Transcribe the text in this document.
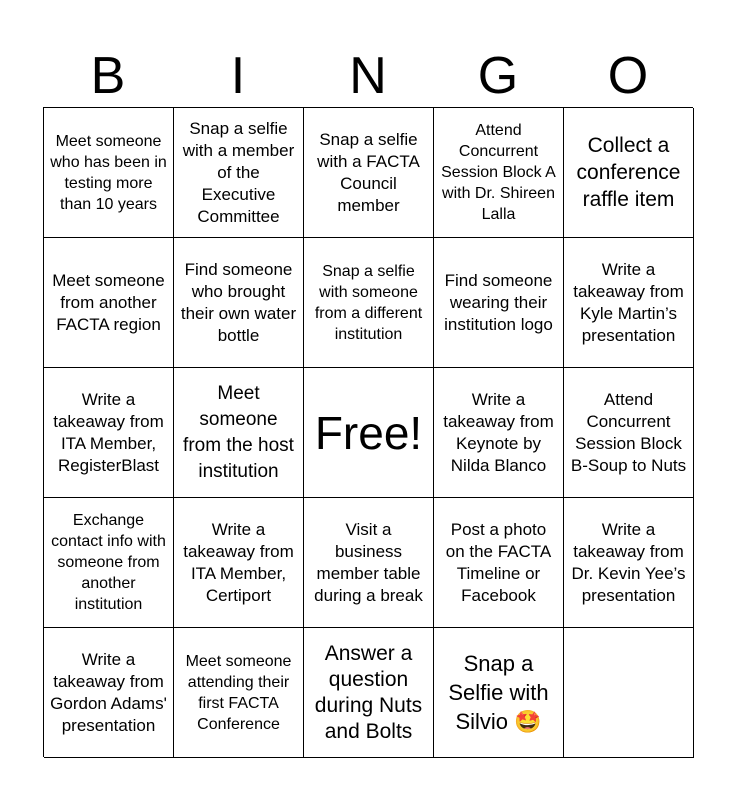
B	I	N	G	O
Meet someone who has been in testing more than 10 years
Snap a selfie with a member of the Executive Committee
Snap a selfie with a FACTA Council member
Attend Concurrent Session Block A with Dr. Shireen Lalla
Collect a conference raffle item
Meet someone from another FACTA region
Find someone who brought their own water bottle
Snap a selfie with someone from a different institution
Find someone wearing their institution logo
Write a takeaway from Kyle Martin’s presentation
Write a takeaway from ITA Member, RegisterBlast
Meet someone from the host institution
Free!
Write a takeaway from Keynote by Nilda Blanco
Attend Concurrent Session Block B-Soup to Nuts
Exchange contact info with someone from another institution
Write a takeaway from ITA Member, Certiport
Visit a business member table during a break
Post a photo on the FACTA Timeline or Facebook
Write a takeaway from Dr. Kevin Yee’s presentation
Write a takeaway from Gordon Adams' presentation
Meet someone attending their first FACTA Conference
Answer a question during Nuts and Bolts
Snap a Selfie with Silvio 🤩
